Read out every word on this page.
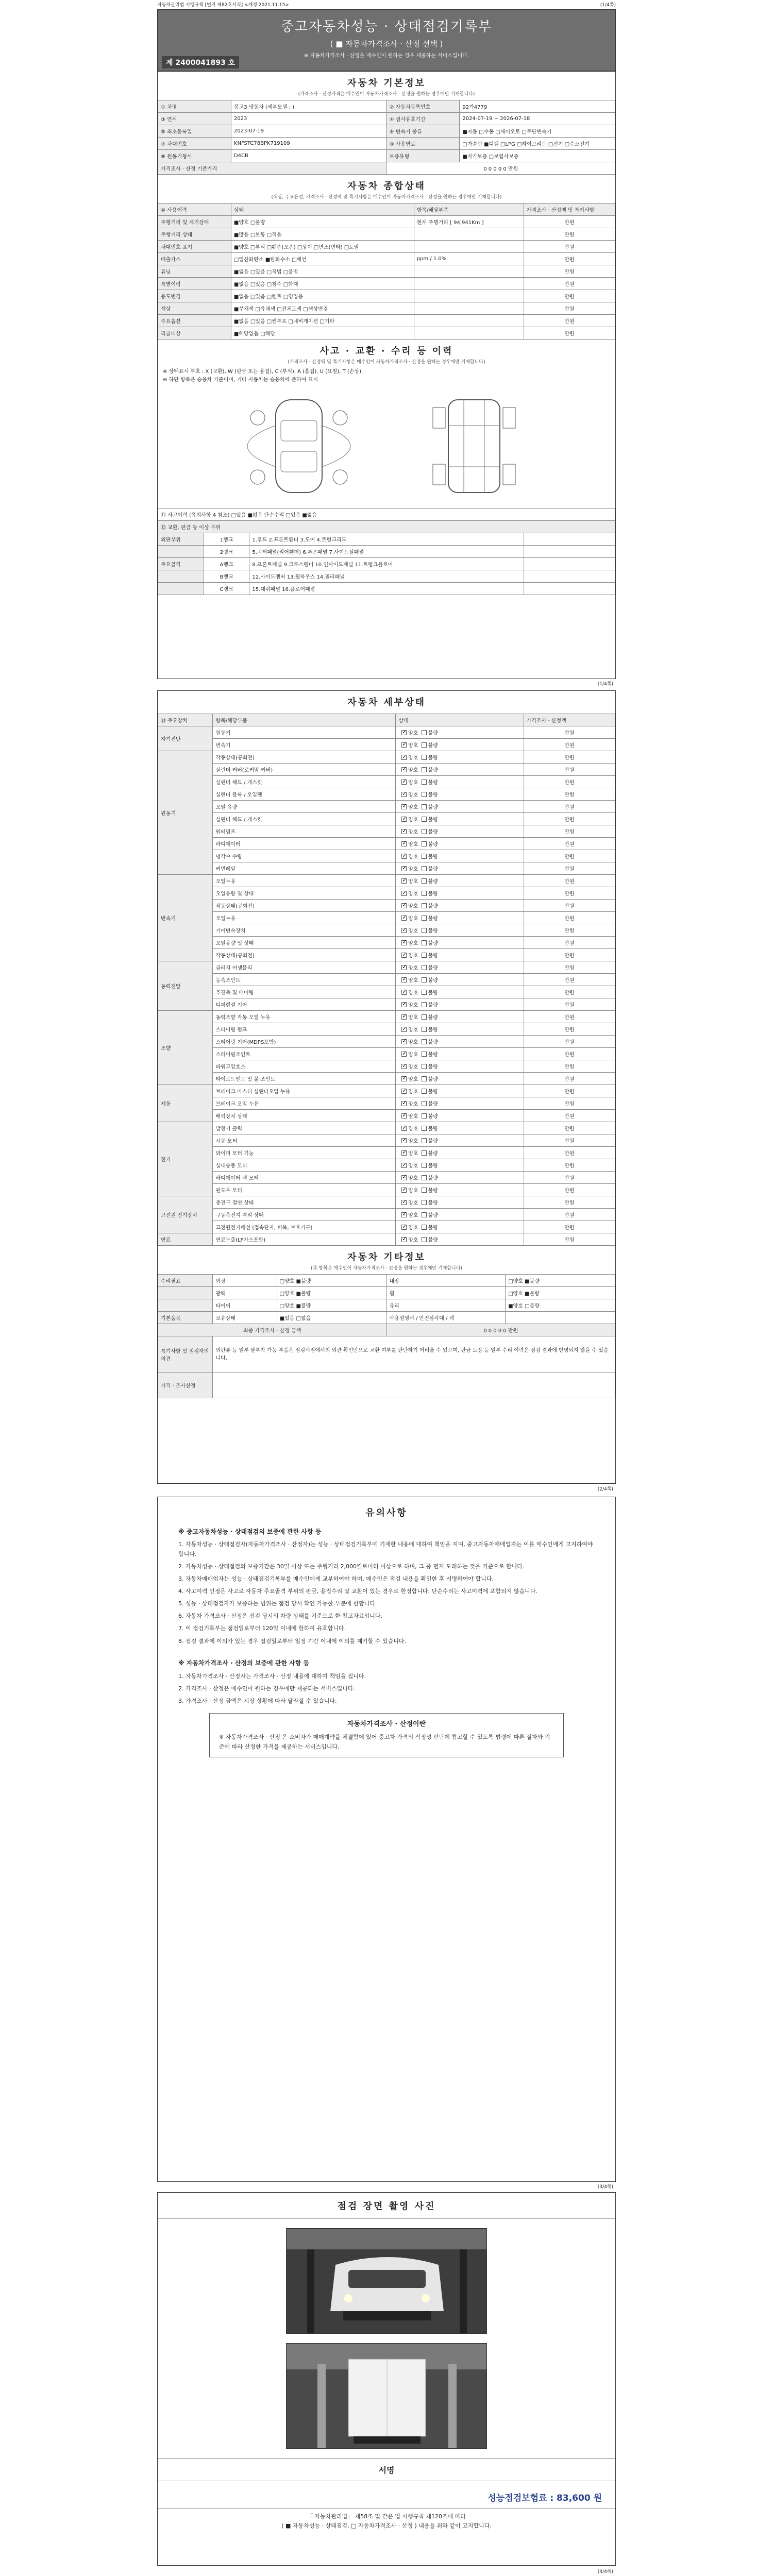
자동차관리법 시행규칙 [별지 제82호서식] <개정 2021.11.15>	(1/4쪽)
중고자동차성능 · 상태점검기록부
( ■ 자동차가격조사 · 산정 선택 )
※ 자동차가격조사 · 산정은 매수인이 원하는 경우 제공하는 서비스입니다.
제 2400041893 호
자동차 기본정보
(가격조사 · 산정가격은 매수인이 자동차가격조사 · 산정을 원하는 경우에만 기재합니다)
① 차명	봉고3 냉동차 (세부모델 : )	② 자동차등록번호	92가4779
③ 연식	2023	④ 검사유효기간	2024-07-19 ~ 2026-07-18
⑤ 최초등록일	2023-07-19	⑥ 변속기 종류	■자동 □수동 □세미오토 □무단변속기
⑦ 차대번호	KNFSTC78BPK719109	⑧ 사용연료	□가솔린 ■디젤 □LPG □하이브리드 □전기 □수소전기
⑨ 원동기형식	D4CB	보증유형	■자가보증 □보험사보증
가격조사 · 산정 기준가격		0 0 0 0 0 만원	
자동차 종합상태
(색상, 주요옵션, 가격조사 · 산정액 및 특기사항은 매수인이 자동차가격조사 · 산정을 원하는 경우에만 기재합니다)
⑩ 사용이력	상태	항목/해당부품	가격조사 · 산정액 및 특기사항
주행거리 및 계기상태	■양호 □불량	현재 주행거리 [ 94,941Km ]	만원
주행거리 상태	■많음 □보통 □적음		만원
차대번호 표기	■양호 □부식 □훼손(오손) □상이 □변조(변타) □도말		만원
배출가스	□일산화탄소 ■탄화수소 □매연	ppm / 1.0%	만원
튜닝	■없음 □있음 □적법 □불법		만원
특별이력	■없음 □있음 □침수 □화재		만원
용도변경	■없음 □있음 □렌트 □영업용		만원
색상	■무채색 □유채색 □전체도색 □색상변경		만원
주요옵션	■없음 □있음 □썬루프 □네비게이션 □기타		만원
리콜대상	■해당없음 □해당		만원
사고 · 교환 · 수리 등 이력
(가격조사 · 산정액 및 특기사항은 매수인이 자동차가격조사 · 산정을 원하는 경우에만 기재합니다)
※ 상태표시 부호 : X (교환), W (판금 또는 용접), C (부식), A (흠집), U (요철), T (손상)
※ 하단 항목은 승용차 기준이며, 기타 자동차는 승용차에 준하여 표시
⑪ 사고이력 (유의사항 4 참조) □있음 ■없음 단순수리 □있음 ■없음			
⑫ 교환, 판금 등 이상 부위			
외판부위	1랭크	1.후드 2.프론트휀더 3.도어 4.트렁크리드	
	2랭크	5.쿼터패널(리어휀더) 6.루프패널 7.사이드실패널	
주요골격	A랭크	8.프론트패널 9.크로스멤버 10.인사이드패널 11.트렁크플로어	
	B랭크	12.사이드멤버 13.휠하우스 14.필러패널	
	C랭크	15.대쉬패널 16.플로어패널	
(1/4쪽)
자동차 세부상태
⑬ 주요장치	항목/해당부품	상태	가격조사 · 산정액
자기진단	원동기	✓양호 불량	만원
	변속기	✓양호 불량	만원
원동기	작동상태(공회전)	✓양호 불량	만원
	실린더 커버(로커암 커버)	✓양호 불량	만원
	실린더 헤드 / 개스킷	✓양호 불량	만원
	실린더 블록 / 오일팬	✓양호 불량	만원
	오일 유량	✓양호 불량	만원
	실린더 헤드 / 개스킷	✓양호 불량	만원
	워터펌프	✓양호 불량	만원
	라디에이터	✓양호 불량	만원
	냉각수 수량	✓양호 불량	만원
	커먼레일	✓양호 불량	만원
변속기	오일누유	✓양호 불량	만원
	오일유량 및 상태	✓양호 불량	만원
	작동상태(공회전)	✓양호 불량	만원
	오일누유	✓양호 불량	만원
	기어변속장치	✓양호 불량	만원
	오일유량 및 상태	✓양호 불량	만원
	작동상태(공회전)	✓양호 불량	만원
동력전달	클러치 어셈블리	✓양호 불량	만원
	등속조인트	✓양호 불량	만원
	추진축 및 베어링	✓양호 불량	만원
	디퍼렌셜 기어	✓양호 불량	만원
조향	동력조향 작동 오일 누유	✓양호 불량	만원
	스티어링 펌프	✓양호 불량	만원
	스티어링 기어(MDPS포함)	✓양호 불량	만원
	스티어링조인트	✓양호 불량	만원
	파워고압호스	✓양호 불량	만원
	타이로드엔드 및 볼 조인트	✓양호 불량	만원
제동	브레이크 마스터 실린더오일 누유	✓양호 불량	만원
	브레이크 오일 누유	✓양호 불량	만원
	배력장치 상태	✓양호 불량	만원
전기	발전기 출력	✓양호 불량	만원
	시동 모터	✓양호 불량	만원
	와이퍼 모터 기능	✓양호 불량	만원
	실내송풍 모터	✓양호 불량	만원
	라디에이터 팬 모터	✓양호 불량	만원
	윈도우 모터	✓양호 불량	만원
고전원 전기장치	충전구 절연 상태	✓양호 불량	만원
	구동축전지 격리 상태	✓양호 불량	만원
	고전원전기배선 (접속단자, 피복, 보호기구)	✓양호 불량	만원
연료	연료누출(LP가스포함)	✓양호 불량	만원
자동차 기타정보
(⑭ 항목은 매수인이 자동차가격조사 · 산정을 원하는 경우에만 기재합니다)
수리필요	외장	□양호 ■불량	내장	□양호 ■불량
	광택	□양호 ■불량	휠	□양호 ■불량
	타이어	□양호 ■불량	유리	■양호 □불량
기본품목	보유상태	■있음 □없음	사용설명서 / 안전삼각대 / 잭	
최종 가격조사 · 산정 금액			0 0 0 0 0 만원	
특기사항 및 점검자의 의견	외판류 등 일부 탈부착 가능 부품은 점검시점에서의 외관 확인만으로 교환 여부를 판단하기 어려울 수 있으며, 판금 도장 등 일부 수리 이력은 점검 결과에 반영되지 않을 수 있습니다.			
가격 · 조사산정				
(2/4쪽)
유의사항
※ 중고자동차성능 · 상태점검의 보증에 관한 사항 등

1. 자동차성능 · 상태점검자(자동차가격조사 · 산정자)는 성능 · 상태점검기록부에 기재한 내용에 대하여 책임을 지며, 중고자동차매매업자는 이를 매수인에게 고지하여야 합니다.

2. 자동차성능 · 상태점검의 보증기간은 30일 이상 또는 주행거리 2,000킬로미터 이상으로 하며, 그 중 먼저 도래하는 것을 기준으로 합니다.

3. 자동차매매업자는 성능 · 상태점검기록부를 매수인에게 교부하여야 하며, 매수인은 점검 내용을 확인한 후 서명하여야 합니다.

4. 사고이력 인정은 사고로 자동차 주요골격 부위의 판금, 용접수리 및 교환이 있는 경우로 한정합니다. 단순수리는 사고이력에 포함되지 않습니다.

5. 성능 · 상태점검자가 보증하는 범위는 점검 당시 확인 가능한 부분에 한합니다.

6. 자동차 가격조사 · 산정은 점검 당시의 차량 상태를 기준으로 한 참고자료입니다.

7. 이 점검기록부는 점검일로부터 120일 이내에 한하여 유효합니다.

8. 점검 결과에 이의가 있는 경우 점검일로부터 일정 기간 이내에 이의를 제기할 수 있습니다.

※ 자동차가격조사 · 산정의 보증에 관한 사항 등

1. 자동차가격조사 · 산정자는 가격조사 · 산정 내용에 대하여 책임을 집니다.

2. 가격조사 · 산정은 매수인이 원하는 경우에만 제공되는 서비스입니다.

3. 가격조사 · 산정 금액은 시장 상황에 따라 달라질 수 있습니다.

자동차가격조사 · 산정이란
※ 자동차가격조사 · 산정 은 소비자가 매매계약을 체결함에 있어 중고차 가격의 적정성 판단에 참고할 수 있도록 법령에 따른 절차와 기준에 따라 산정한 가격을 제공하는 서비스입니다.
(3/4쪽)
점검 장면 촬영 사진
서명
성능점검보험료 : 83,600 원
「 자동차관리법」 제58조 및 같은 법 시행규칙 제120조에 따라
( ■ 자동차성능 · 상태점검, □ 자동차가격조사 · 산정 ) 내용을 위와 같이 고지합니다.
(4/4쪽)
